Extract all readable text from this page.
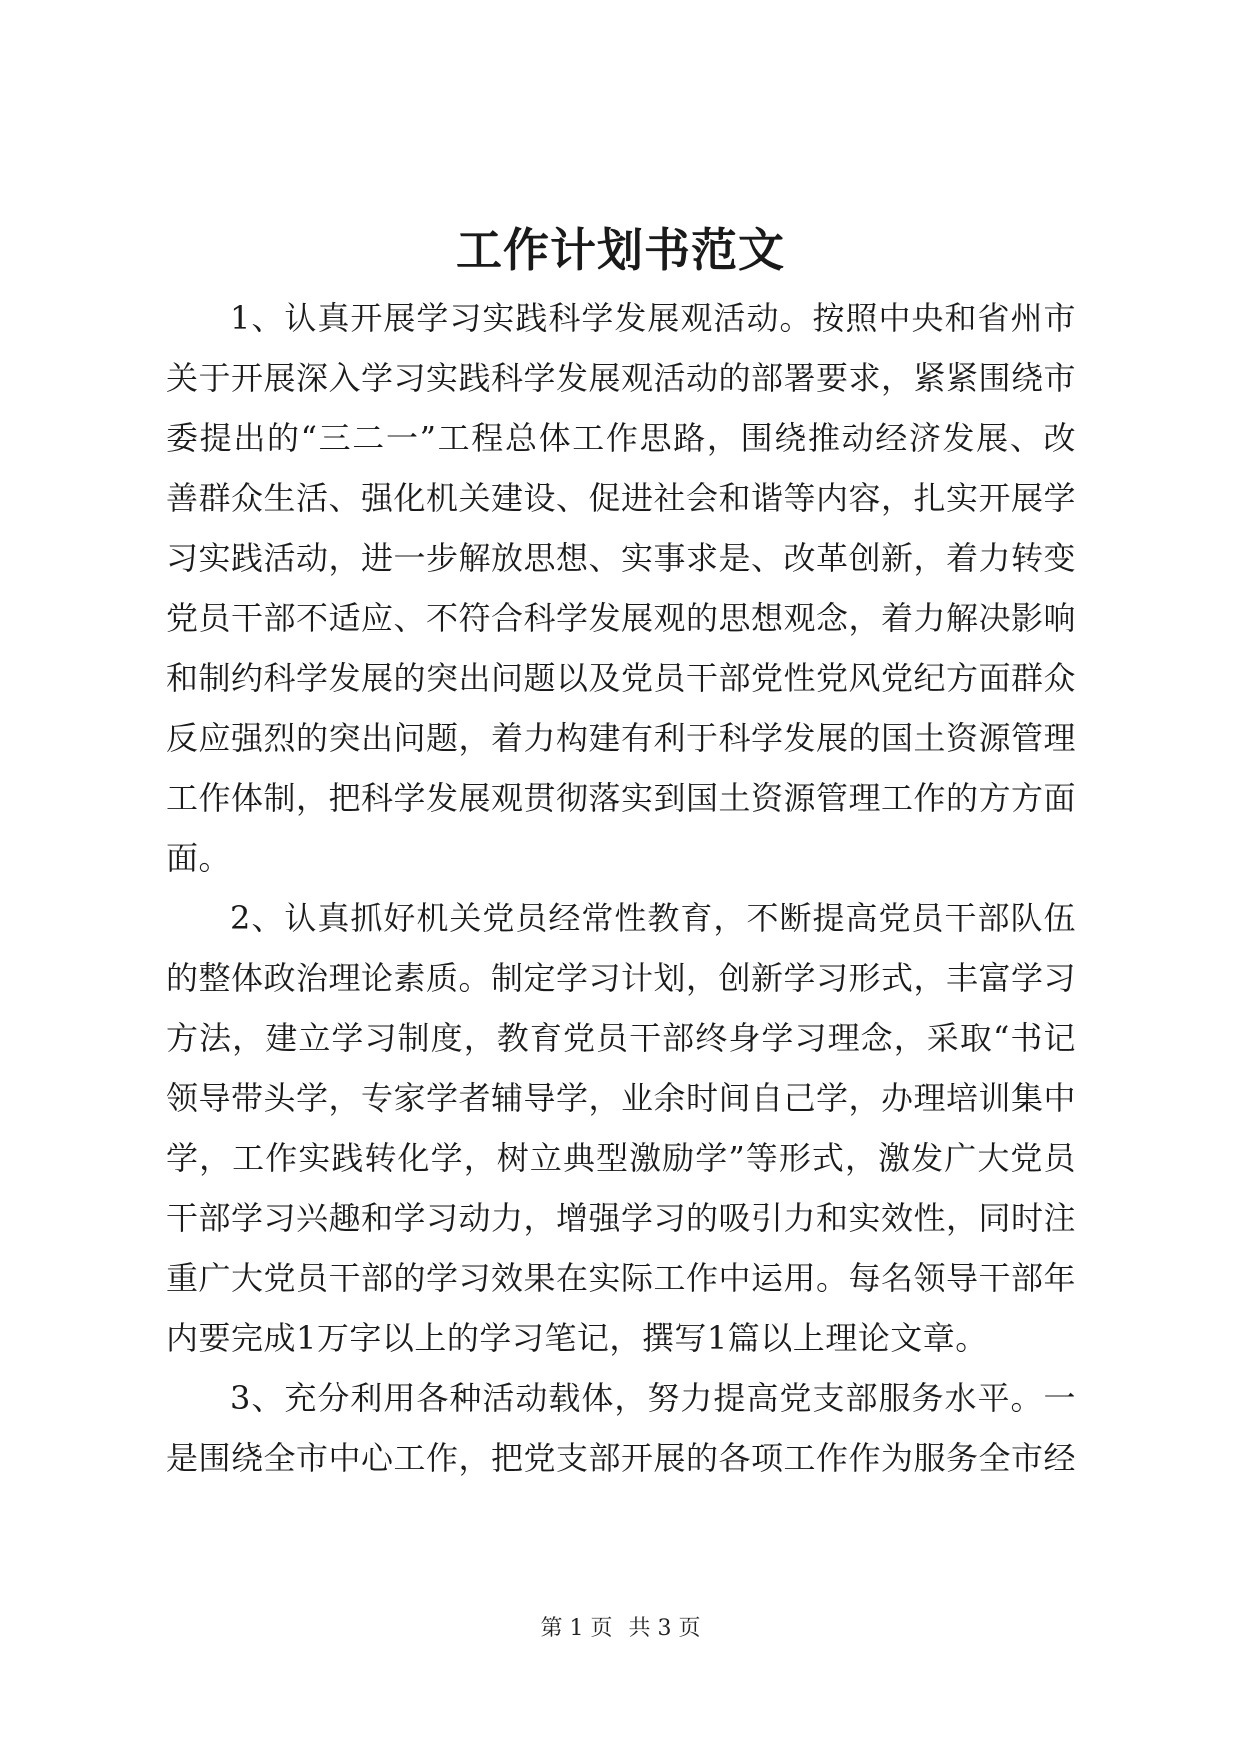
工作计划书范文

1、认真开展学习实践科学发展观活动。按照中央和省州市关于开展深入学习实践科学发展观活动的部署要求，紧紧围绕市委提出的“三二一”工程总体工作思路，围绕推动经济发展、改善群众生活、强化机关建设、促进社会和谐等内容，扎实开展学习实践活动，进一步解放思想、实事求是、改革创新，着力转变党员干部不适应、不符合科学发展观的思想观念，着力解决影响和制约科学发展的突出问题以及党员干部党性党风党纪方面群众反应强烈的突出问题，着力构建有利于科学发展的国土资源管理工作体制，把科学发展观贯彻落实到国土资源管理工作的方方面面。

2、认真抓好机关党员经常性教育，不断提高党员干部队伍的整体政治理论素质。制定学习计划，创新学习形式，丰富学习方法，建立学习制度，教育党员干部终身学习理念，采取“书记领导带头学，专家学者辅导学，业余时间自己学，办理培训集中学，工作实践转化学，树立典型激励学”等形式，激发广大党员干部学习兴趣和学习动力，增强学习的吸引力和实效性，同时注重广大党员干部的学习效果在实际工作中运用。每名领导干部年内要完成1万字以上的学习笔记，撰写1篇以上理论文章。

3、充分利用各种活动载体，努力提高党支部服务水平。一是围绕全市中心工作，把党支部开展的各项工作作为服务全市经

第 1 页 共 3 页
